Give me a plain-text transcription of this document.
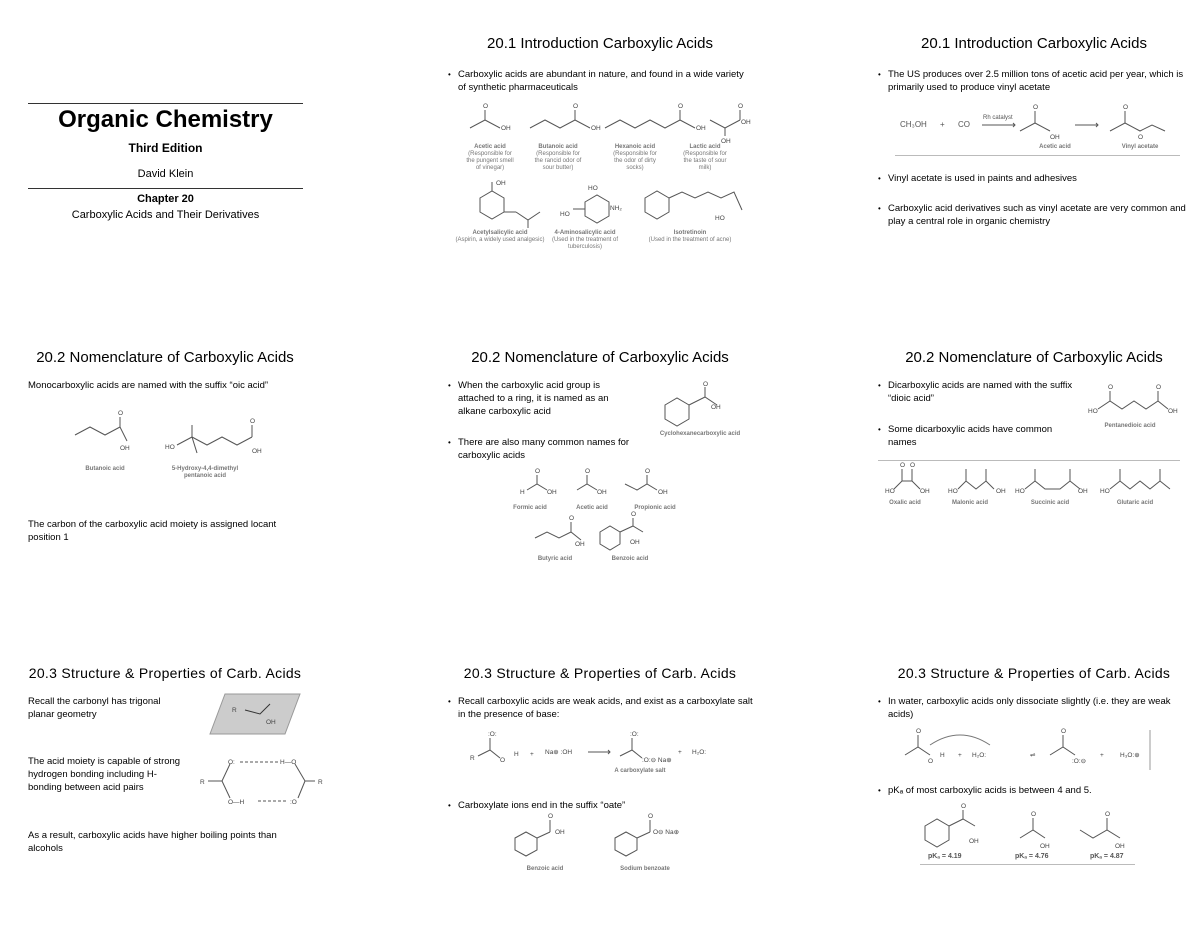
Organic Chemistry
Third Edition
David Klein
Chapter 20
Carboxylic Acids and Their Derivatives
20.1 Introduction Carboxylic Acids
• Carboxylic acids are abundant in nature, and found in a wide variety of synthetic pharmaceuticals
O
OH
O
OH
O
OH
O
OH
OH
Acetic acid
(Responsible for the pungent smell of vinegar)
Butanoic acid
(Responsible for the rancid odor of sour butter)
Hexanoic acid
(Responsible for the odor of dirty socks)
Lactic acid
(Responsible for the taste of sour milk)
OH
HO
HO
NH₂
HO
Acetylsalicylic acid
(Aspirin, a widely used analgesic)
4-Aminosalicylic acid
(Used in the treatment of tuberculosis)
Isotretinoin
(Used in the treatment of acne)
20.1 Introduction Carboxylic Acids
• The US produces over 2.5 million tons of acetic acid per year, which is primarily used to produce vinyl acetate
CH₃OH + CO
Rh catalyst
O
OH
O
O
Acetic acid	Vinyl acetate
• Vinyl acetate is used in paints and adhesives
• Carboxylic acid derivatives such as vinyl acetate are very common and play a central role in organic chemistry
20.2 Nomenclature of Carboxylic Acids
Monocarboxylic acids are named with the suffix “oic acid”
O
OH	HO
O
OH
Butanoic acid	5-Hydroxy-4,4-dimethyl pentanoic acid
The carbon of the carboxylic acid moiety is assigned locant position 1
20.2 Nomenclature of Carboxylic Acids
• When the carboxylic acid group is attached to a ring, it is named as an alkane carboxylic acid
• There are also many common names for carboxylic acids
O
OH
Cyclohexanecarboxylic acid
H
O
OH
O
OH
O
OH
O
OH
O
OH
Formic acid	Acetic acid	Propionic acid
Butyric acid	Benzoic acid
20.2 Nomenclature of Carboxylic Acids
• Dicarboxylic acids are named with the suffix “dioic acid”
• Some dicarboxylic acids have common names
HO
O	O
OH
Pentanedioic acid
HO
O O
OH	HO	OH HO	OH HO
Oxalic acid	Malonic acid	Succinic acid	Glutaric acid
20.3 Structure & Properties of Carb. Acids
Recall the carbonyl has trigonal planar geometry	R
OH
The acid moiety is capable of strong hydrogen bonding including H-bonding between acid pairs	R
O:
O—H
H—O
:O
R
As a result, carboxylic acids have higher boiling points than alcohols
20.3 Structure & Properties of Carb. Acids
• Recall carboxylic acids are weak acids, and exist as a carboxylate salt in the presence of base:
R
:O:
O
H + Na⊕ :OH
:O:
:O:⊖ Na⊕
+ H₂O:
A carboxylate salt
• Carboxylate ions end in the suffix “oate”
O
OH
O
O⊖ Na⊕
Benzoic acid	Sodium benzoate
20.3 Structure & Properties of Carb. Acids
• In water, carboxylic acids only dissociate slightly (i.e. they are weak acids)
O
O
H + H₂O:	⇌
O
:O:⊖
+ H₃O:⊕
• pKₐ of most carboxylic acids is between 4 and 5.
O
OH
O
OH
O
OH
pKₐ = 4.19	pKₐ = 4.76	pKₐ = 4.87
